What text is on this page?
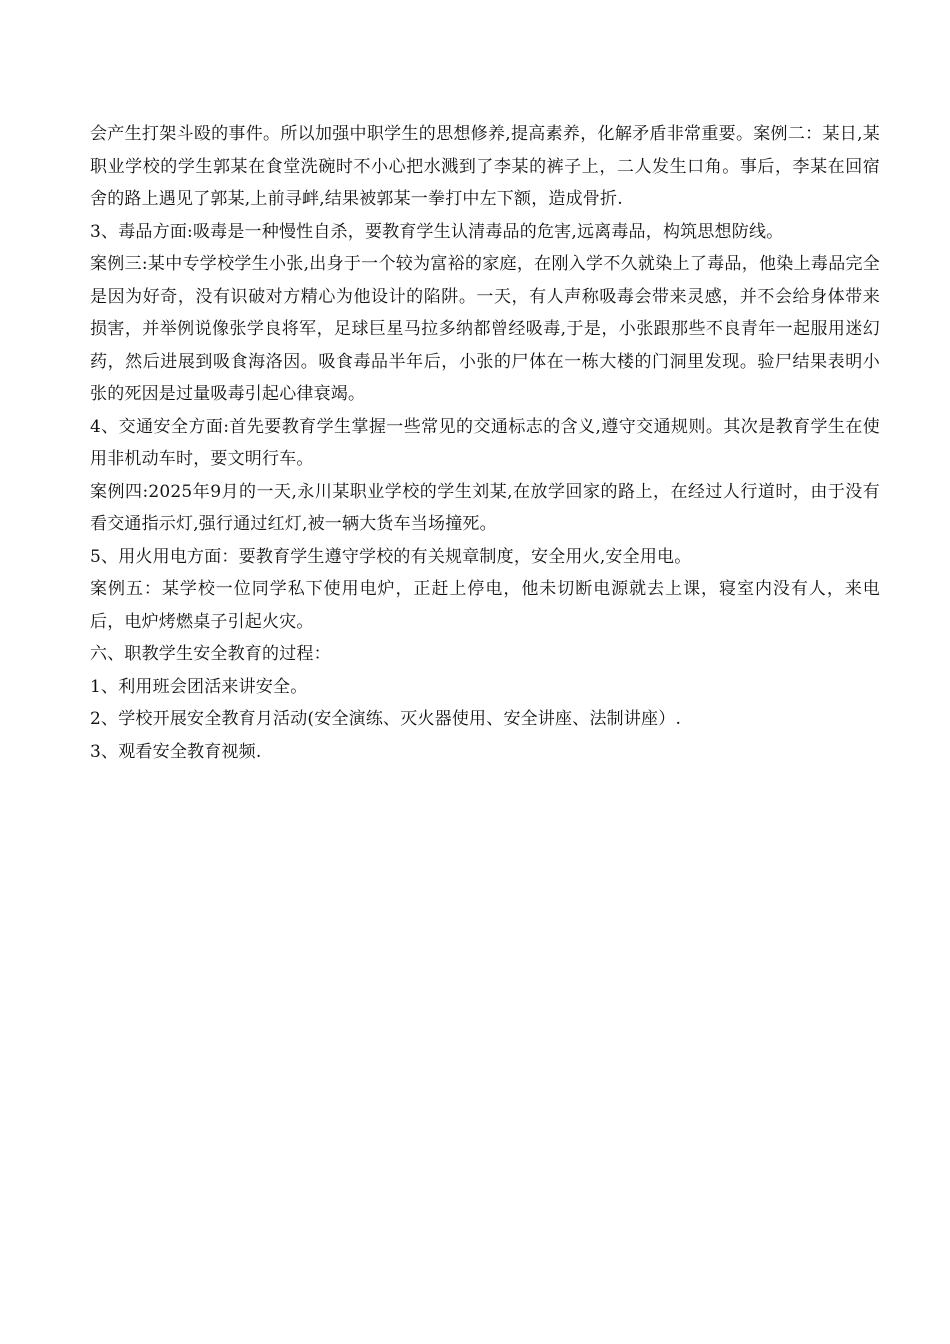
会产生打架斗殴的事件。所以加强中职学生的思想修养,提高素养，化解矛盾非常重要。案例二：某日,某职业学校的学生郭某在食堂洗碗时不小心把水溅到了李某的裤子上，二人发生口角。事后，李某在回宿舍的路上遇见了郭某,上前寻衅,结果被郭某一拳打中左下额，造成骨折.

3、毒品方面:吸毒是一种慢性自杀，要教育学生认清毒品的危害,远离毒品，构筑思想防线。

案例三:某中专学校学生小张,出身于一个较为富裕的家庭，在刚入学不久就染上了毒品，他染上毒品完全是因为好奇，没有识破对方精心为他设计的陷阱。一天，有人声称吸毒会带来灵感，并不会给身体带来损害，并举例说像张学良将军，足球巨星马拉多纳都曾经吸毒,于是，小张跟那些不良青年一起服用迷幻药，然后进展到吸食海洛因。吸食毒品半年后，小张的尸体在一栋大楼的门洞里发现。验尸结果表明小张的死因是过量吸毒引起心律衰竭。

4、交通安全方面:首先要教育学生掌握一些常见的交通标志的含义,遵守交通规则。其次是教育学生在使用非机动车时，要文明行车。

案例四:2025年9月的一天,永川某职业学校的学生刘某,在放学回家的路上，在经过人行道时，由于没有看交通指示灯,强行通过红灯,被一辆大货车当场撞死。

5、用火用电方面：要教育学生遵守学校的有关规章制度，安全用火,安全用电。

案例五：某学校一位同学私下使用电炉，正赶上停电，他未切断电源就去上课，寝室内没有人，来电后，电炉烤燃桌子引起火灾。

六、职教学生安全教育的过程：

1、利用班会团活来讲安全。

2、学校开展安全教育月活动(安全演练、灭火器使用、安全讲座、法制讲座）.

3、观看安全教育视频.
